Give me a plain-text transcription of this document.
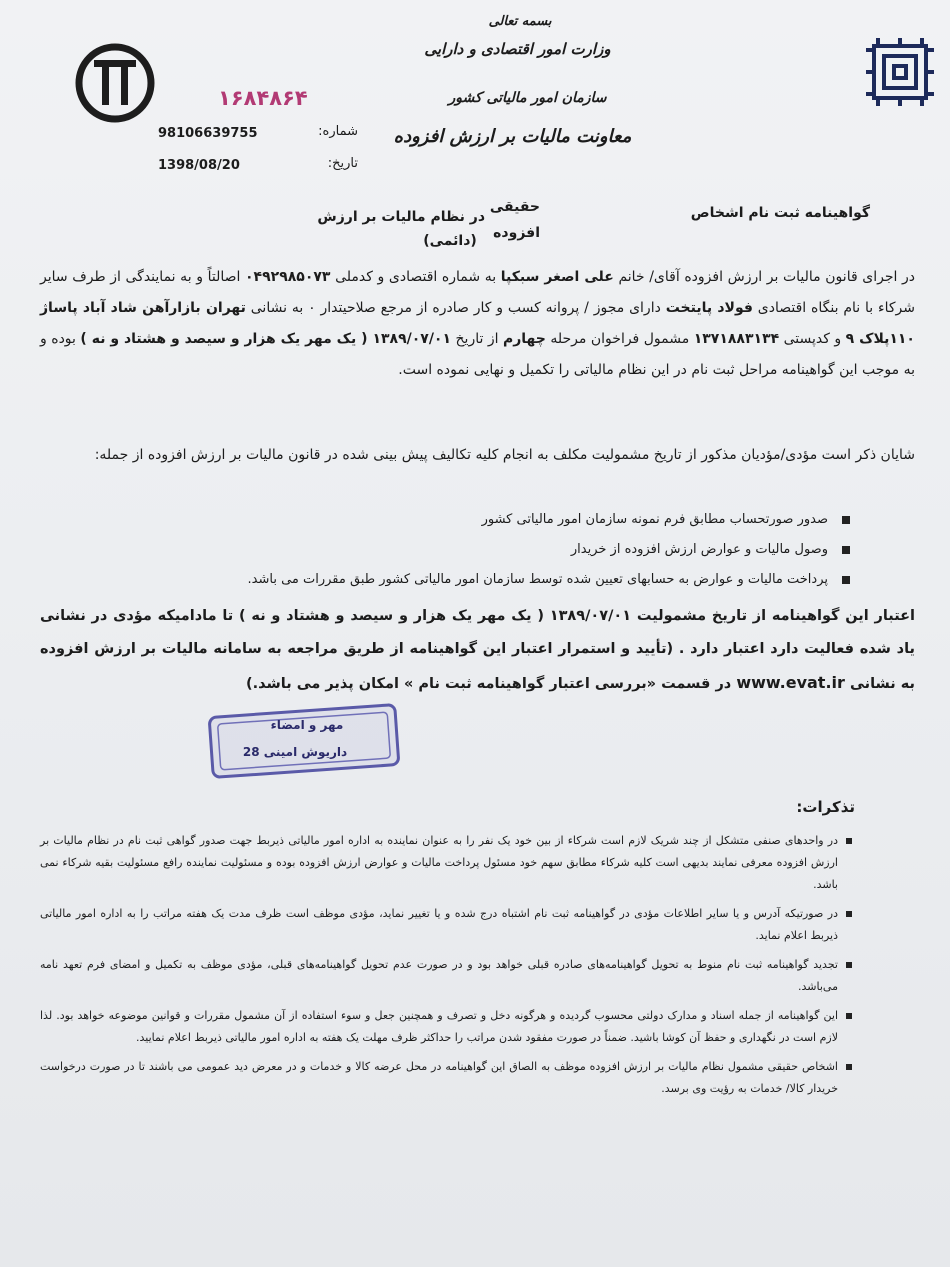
بسمه تعالی
وزارت امور اقتصادی و دارایی
سازمان امور مالیاتی کشور
معاونت مالیات بر ارزش افزوده
۱۶۸۴۸۶۴
98106639755
1398/08/20
شماره:
تاریخ:
گواهینامه ثبت نام اشخاص
حقیقی در نظام مالیات بر ارزش افزوده
(دائمی)
در اجرای قانون مالیات بر ارزش افزوده آقای/ خانم علی اصغر سبکپا به شماره اقتصادی و کدملی ۰۴۹۲۹۸۵۰۷۳ اصالتاً و به نمایندگی از طرف سایر شرکاء با نام بنگاه اقتصادی فولاد پایتخت دارای مجوز / پروانه کسب و کار صادره از مرجع صلاحیتدار ۰ به نشانی تهران بازارآهن شاد آباد پاساژ ۱۱۰پلاک ۹ و کدپستی ۱۳۷۱۸۸۳۱۳۴ مشمول فراخوان مرحله چهارم از تاریخ ۱۳۸۹/۰۷/۰۱ ( یک مهر یک هزار و سیصد و هشتاد و نه ) بوده و به موجب این گواهینامه مراحل ثبت نام در این نظام مالیاتی را تکمیل و نهایی نموده است.
شایان ذکر است مؤدی/مؤدیان مذکور از تاریخ مشمولیت مکلف به انجام کلیه تکالیف پیش بینی شده در قانون مالیات بر ارزش افزوده از جمله:
صدور صورتحساب مطابق فرم نمونه سازمان امور مالیاتی کشور
وصول مالیات و عوارض ارزش افزوده از خریدار
پرداخت مالیات و عوارض به حسابهای تعیین شده توسط سازمان امور مالیاتی کشور طبق مقررات می باشد.
اعتبار این گواهینامه از تاریخ مشمولیت ۱۳۸۹/۰۷/۰۱ ( یک مهر یک هزار و سیصد و هشتاد و نه ) تا مادامیکه مؤدی در نشانی یاد شده فعالیت دارد اعتبار دارد . (تأیید و استمرار اعتبار این گواهینامه از طریق مراجعه به سامانه مالیات بر ارزش افزوده به نشانی www.evat.ir در قسمت «بررسی اعتبار گواهینامه ثبت نام » امکان پذیر می باشد.)
مهر و امضاء
داریوش امینی 28
تذکرات:
در واحدهای صنفی متشکل از چند شریک لازم است شرکاء از بین خود یک نفر را به عنوان نماینده به اداره امور مالیاتی ذیربط جهت صدور گواهی ثبت نام در نظام مالیات بر ارزش افزوده معرفی نمایند بدیهی است کلیه شرکاء مطابق سهم خود مسئول پرداخت مالیات و عوارض ارزش افزوده بوده و مسئولیت نماینده رافع مسئولیت بقیه شرکاء نمی باشد.
در صورتیکه آدرس و یا سایر اطلاعات مؤدی در گواهینامه ثبت نام اشتباه درج شده و یا تغییر نماید، مؤدی موظف است ظرف مدت یک هفته مراتب را به اداره امور مالیاتی ذیربط اعلام نماید.
تجدید گواهینامه ثبت نام منوط به تحویل گواهینامه‌های صادره قبلی خواهد بود و در صورت عدم تحویل گواهینامه‌های قبلی، مؤدی موظف به تکمیل و امضای فرم تعهد نامه می‌باشد.
این گواهینامه از جمله اسناد و مدارک دولتی محسوب گردیده و هرگونه دخل و تصرف و همچنین جعل و سوء استفاده از آن مشمول مقررات و قوانین موضوعه خواهد بود. لذا لازم است در نگهداری و حفظ آن کوشا باشید. ضمناً در صورت مفقود شدن مراتب را حداکثر ظرف مهلت یک هفته به اداره امور مالیاتی ذیربط اعلام نمایید.
اشخاص حقیقی مشمول نظام مالیات بر ارزش افزوده موظف به الصاق این گواهینامه در محل عرضه کالا و خدمات و در معرض دید عمومی می باشند تا در صورت درخواست خریدار کالا/ خدمات به رؤیت وی برسد.
